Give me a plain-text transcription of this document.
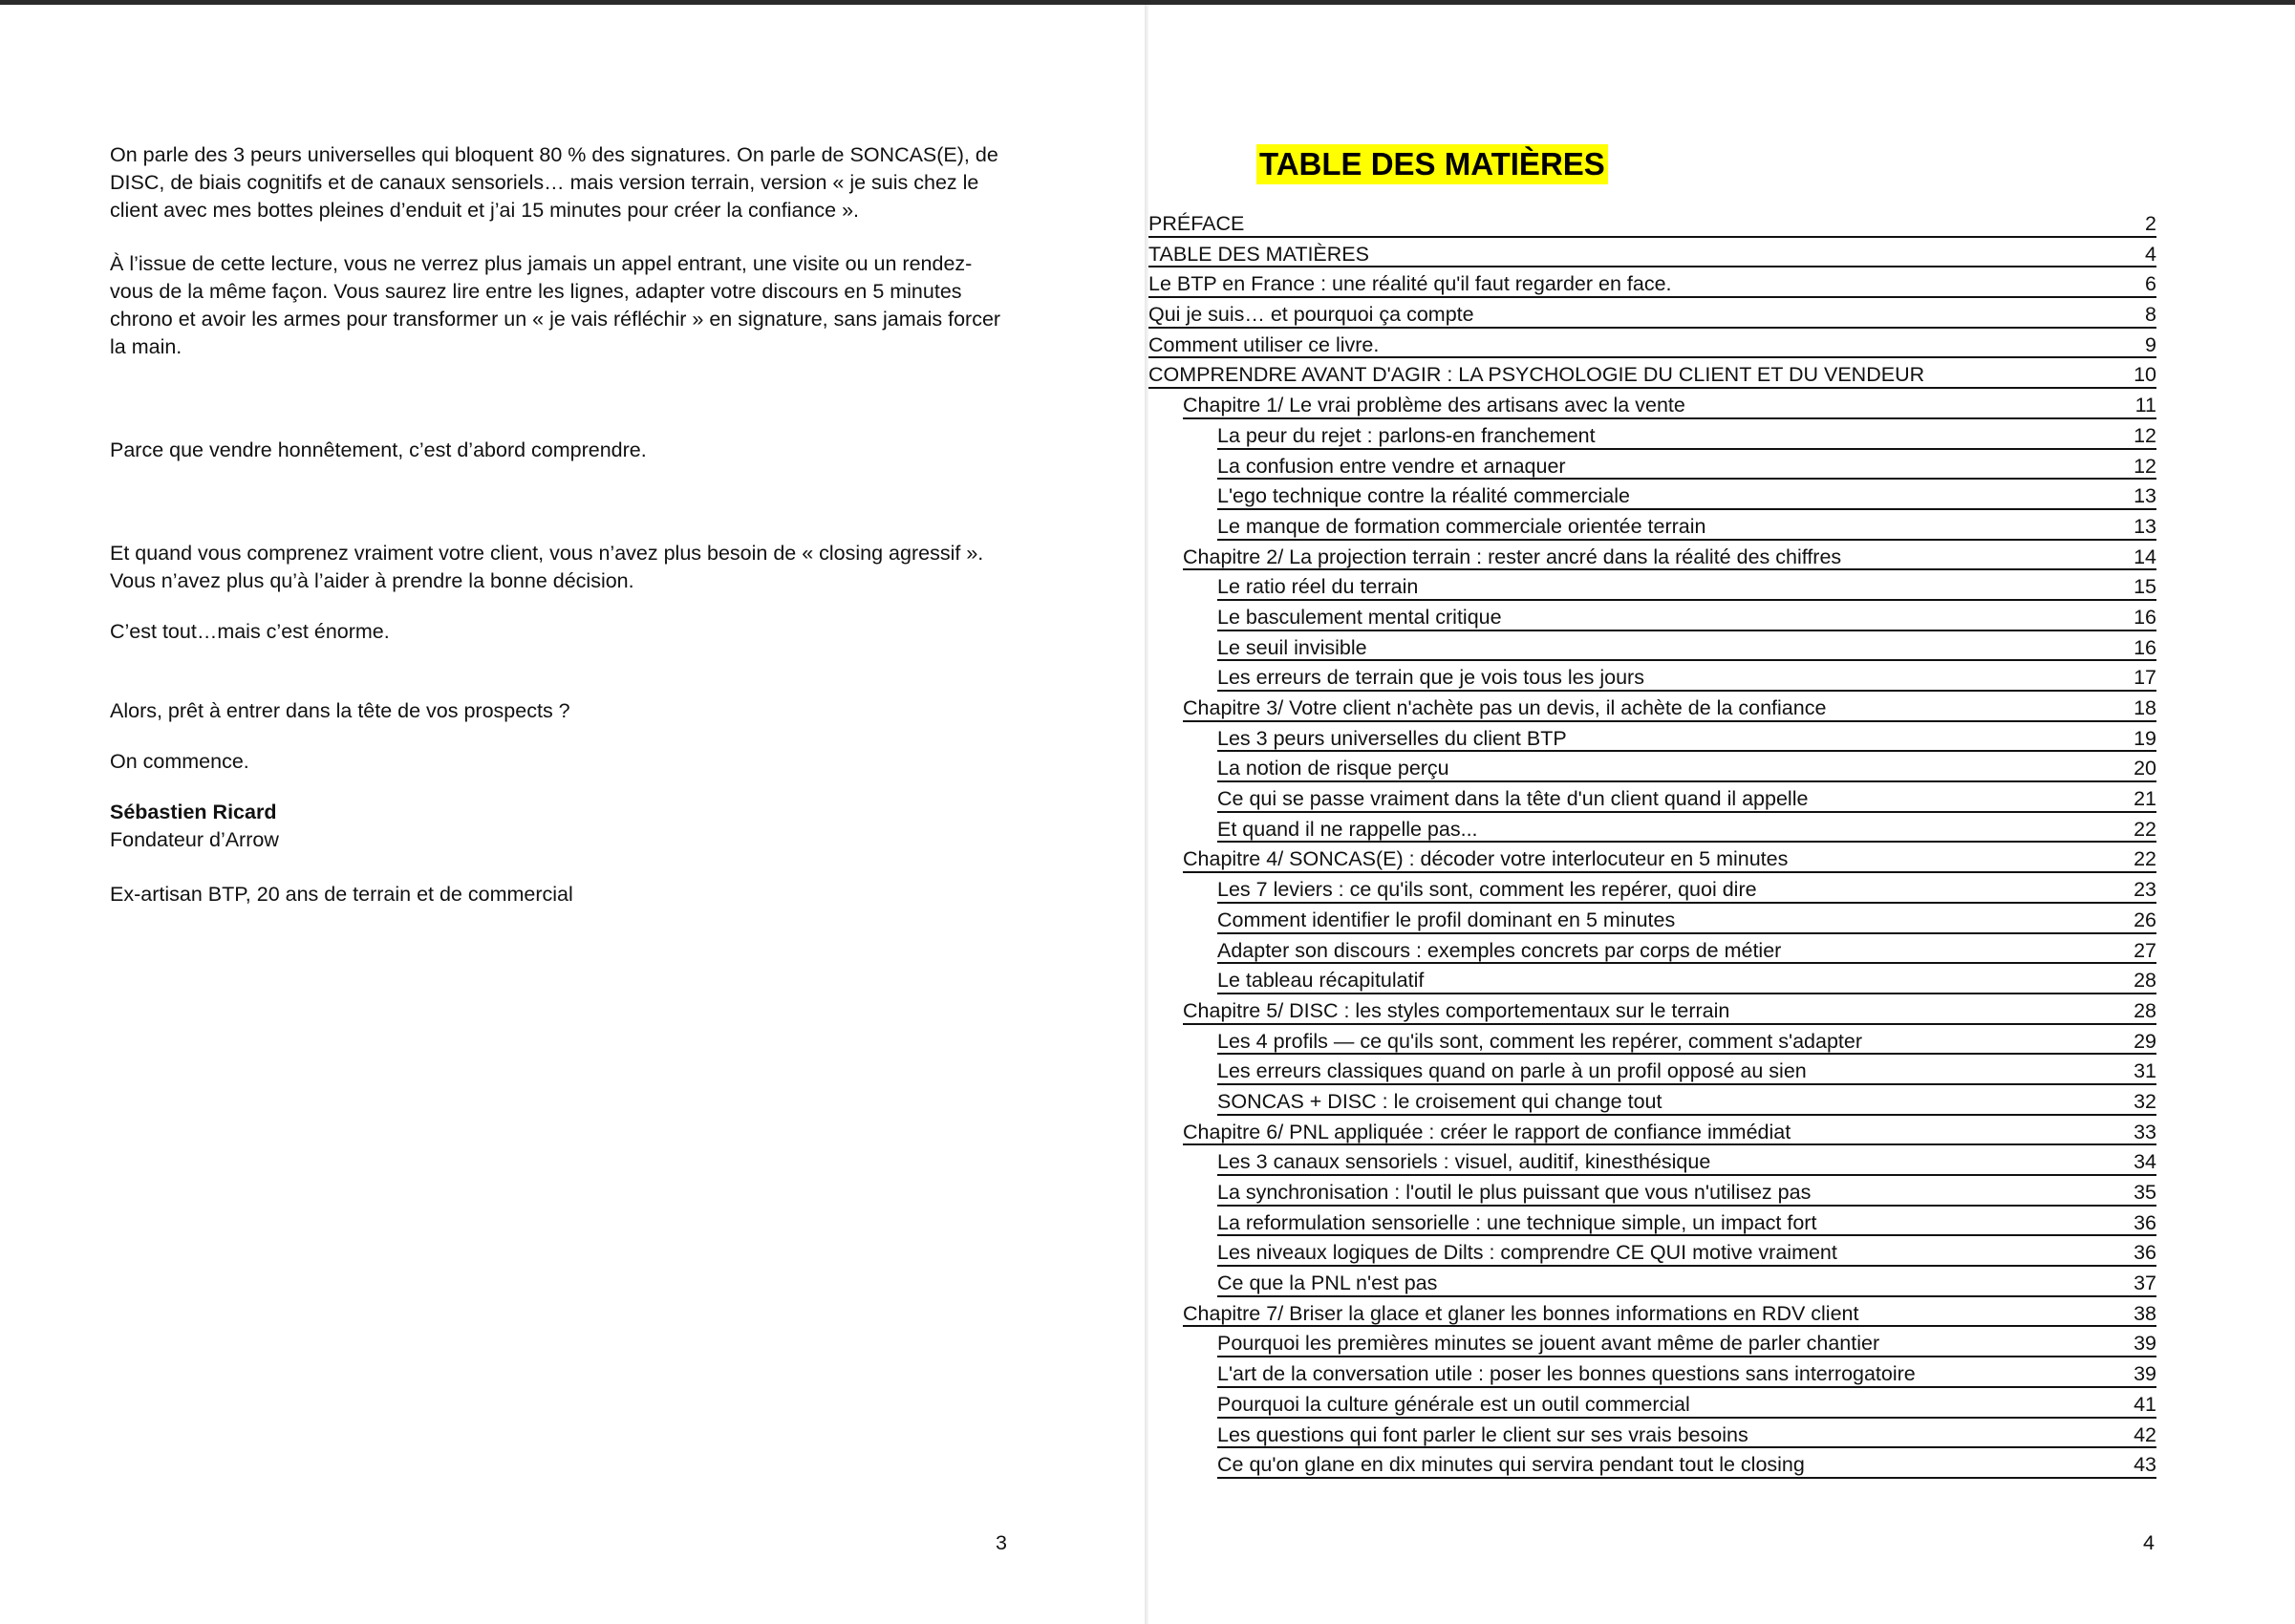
On parle des 3 peurs universelles qui bloquent 80 % des signatures. On parle de SONCAS(E), de DISC, de biais cognitifs et de canaux sensoriels… mais version terrain, version « je suis chez le client avec mes bottes pleines d’enduit et j’ai 15 minutes pour créer la confiance ».

À l’issue de cette lecture, vous ne verrez plus jamais un appel entrant, une visite ou un rendez-vous de la même façon. Vous saurez lire entre les lignes, adapter votre discours en 5 minutes chrono et avoir les armes pour transformer un « je vais réfléchir » en signature, sans jamais forcer la main.

Parce que vendre honnêtement, c’est d’abord comprendre.

Et quand vous comprenez vraiment votre client, vous n’avez plus besoin de « closing agressif ». Vous n’avez plus qu’à l’aider à prendre la bonne décision.

C’est tout…mais c’est énorme.

Alors, prêt à entrer dans la tête de vos prospects ?

On commence.

Sébastien Ricard
Fondateur d’Arrow

Ex-artisan BTP, 20 ans de terrain et de commercial

3
TABLE DES MATIÈRES
PRÉFACE	2
TABLE DES MATIÈRES	4
Le BTP en France : une réalité qu'il faut regarder en face.	6
Qui je suis… et pourquoi ça compte	8
Comment utiliser ce livre.	9
COMPRENDRE AVANT D'AGIR : LA PSYCHOLOGIE DU CLIENT ET DU VENDEUR	10
Chapitre 1/ Le vrai problème des artisans avec la vente	11
La peur du rejet : parlons-en franchement	12
La confusion entre vendre et arnaquer	12
L'ego technique contre la réalité commerciale	13
Le manque de formation commerciale orientée terrain	13
Chapitre 2/ La projection terrain : rester ancré dans la réalité des chiffres	14
Le ratio réel du terrain	15
Le basculement mental critique	16
Le seuil invisible	16
Les erreurs de terrain que je vois tous les jours	17
Chapitre 3/ Votre client n'achète pas un devis, il achète de la confiance	18
Les 3 peurs universelles du client BTP	19
La notion de risque perçu	20
Ce qui se passe vraiment dans la tête d'un client quand il appelle	21
Et quand il ne rappelle pas...	22
Chapitre 4/ SONCAS(E) : décoder votre interlocuteur en 5 minutes	22
Les 7 leviers : ce qu'ils sont, comment les repérer, quoi dire	23
Comment identifier le profil dominant en 5 minutes	26
Adapter son discours : exemples concrets par corps de métier	27
Le tableau récapitulatif	28
Chapitre 5/ DISC : les styles comportementaux sur le terrain	28
Les 4 profils — ce qu'ils sont, comment les repérer, comment s'adapter	29
Les erreurs classiques quand on parle à un profil opposé au sien	31
SONCAS + DISC : le croisement qui change tout	32
Chapitre 6/ PNL appliquée : créer le rapport de confiance immédiat	33
Les 3 canaux sensoriels : visuel, auditif, kinesthésique	34
La synchronisation : l'outil le plus puissant que vous n'utilisez pas	35
La reformulation sensorielle : une technique simple, un impact fort	36
Les niveaux logiques de Dilts : comprendre CE QUI motive vraiment	36
Ce que la PNL n'est pas	37
Chapitre 7/ Briser la glace et glaner les bonnes informations en RDV client	38
Pourquoi les premières minutes se jouent avant même de parler chantier	39
L'art de la conversation utile : poser les bonnes questions sans interrogatoire	39
Pourquoi la culture générale est un outil commercial	41
Les questions qui font parler le client sur ses vrais besoins	42
Ce qu'on glane en dix minutes qui servira pendant tout le closing	43
4
